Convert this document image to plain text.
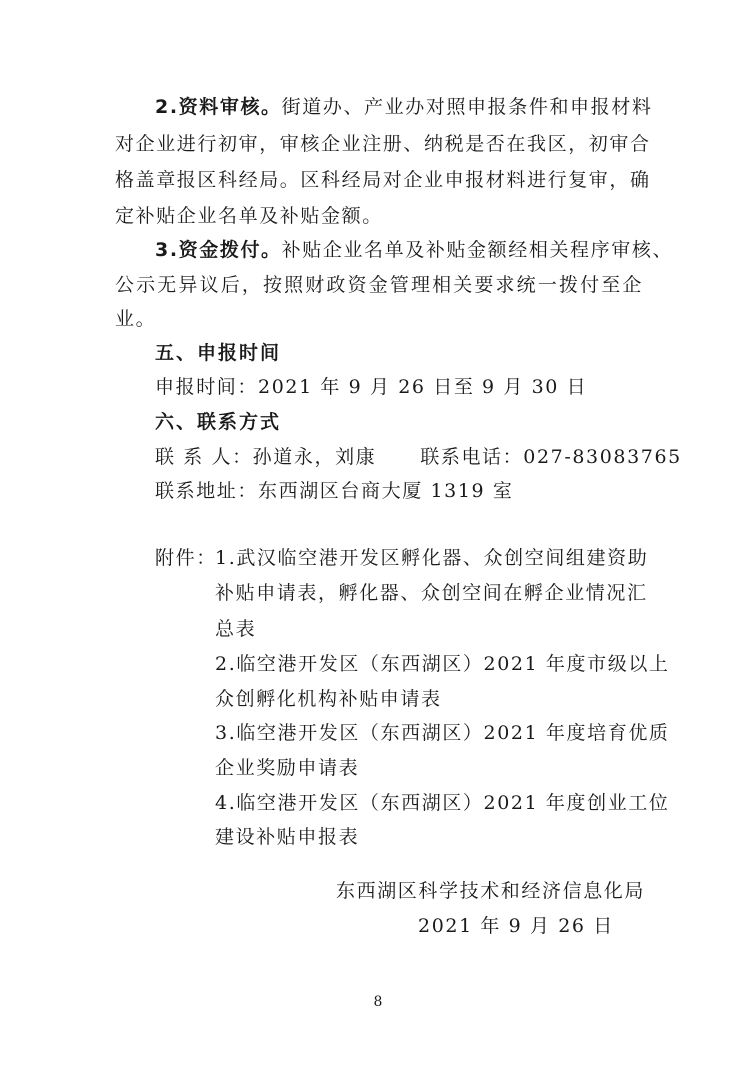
2.资料审核。街道办、产业办对照申报条件和申报材料
对企业进行初审，审核企业注册、纳税是否在我区，初审合
格盖章报区科经局。区科经局对企业申报材料进行复审，确
定补贴企业名单及补贴金额。
3.资金拨付。补贴企业名单及补贴金额经相关程序审核、
公示无异议后，按照财政资金管理相关要求统一拨付至企
业。
五、申报时间
申报时间：2021 年 9 月 26 日至 9 月 30 日
六、联系方式
联 系 人：孙道永，刘康 联系电话：027-83083765
联系地址：东西湖区台商大厦 1319 室
附件：
1.武汉临空港开发区孵化器、众创空间组建资助
补贴申请表，孵化器、众创空间在孵企业情况汇
总表
2.临空港开发区（东西湖区）2021 年度市级以上
众创孵化机构补贴申请表
3.临空港开发区（东西湖区）2021 年度培育优质
企业奖励申请表
4.临空港开发区（东西湖区）2021 年度创业工位
建设补贴申报表
东西湖区科学技术和经济信息化局
2021 年 9 月 26 日
8
